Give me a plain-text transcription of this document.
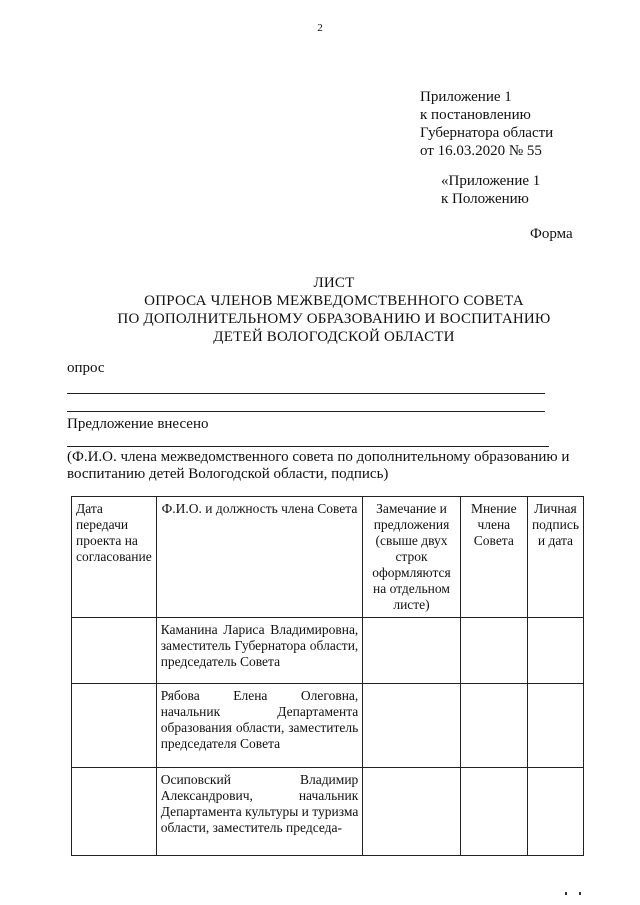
2
Приложение 1
к постановлению
Губернатора области
от 16.03.2020 № 55
«Приложение 1
к Положению
Форма
ЛИСТ
ОПРОСА ЧЛЕНОВ МЕЖВЕДОМСТВЕННОГО СОВЕТА
ПО ДОПОЛНИТЕЛЬНОМУ ОБРАЗОВАНИЮ И ВОСПИТАНИЮ
ДЕТЕЙ ВОЛОГОДСКОЙ ОБЛАСТИ
опрос
Предложение внесено
(Ф.И.О. члена межведомственного совета по дополнительному образованию и воспитанию детей Вологодской области, подпись)
Дата передачи проекта на согласование	Ф.И.О. и должность члена Совета	Замечание и предложения (свыше двух строк оформляются на отдельном листе)	Мнение члена Совета	Личная подпись и дата
	Каманина Лариса Владимировна, заместитель Губернатора области, председатель Совета			
	Рябова Елена Олеговна, начальник Департамента образования области, заместитель председателя Совета			
	Осиповский Владимир Александрович, начальник Департамента культуры и туризма области, заместитель председа-			
